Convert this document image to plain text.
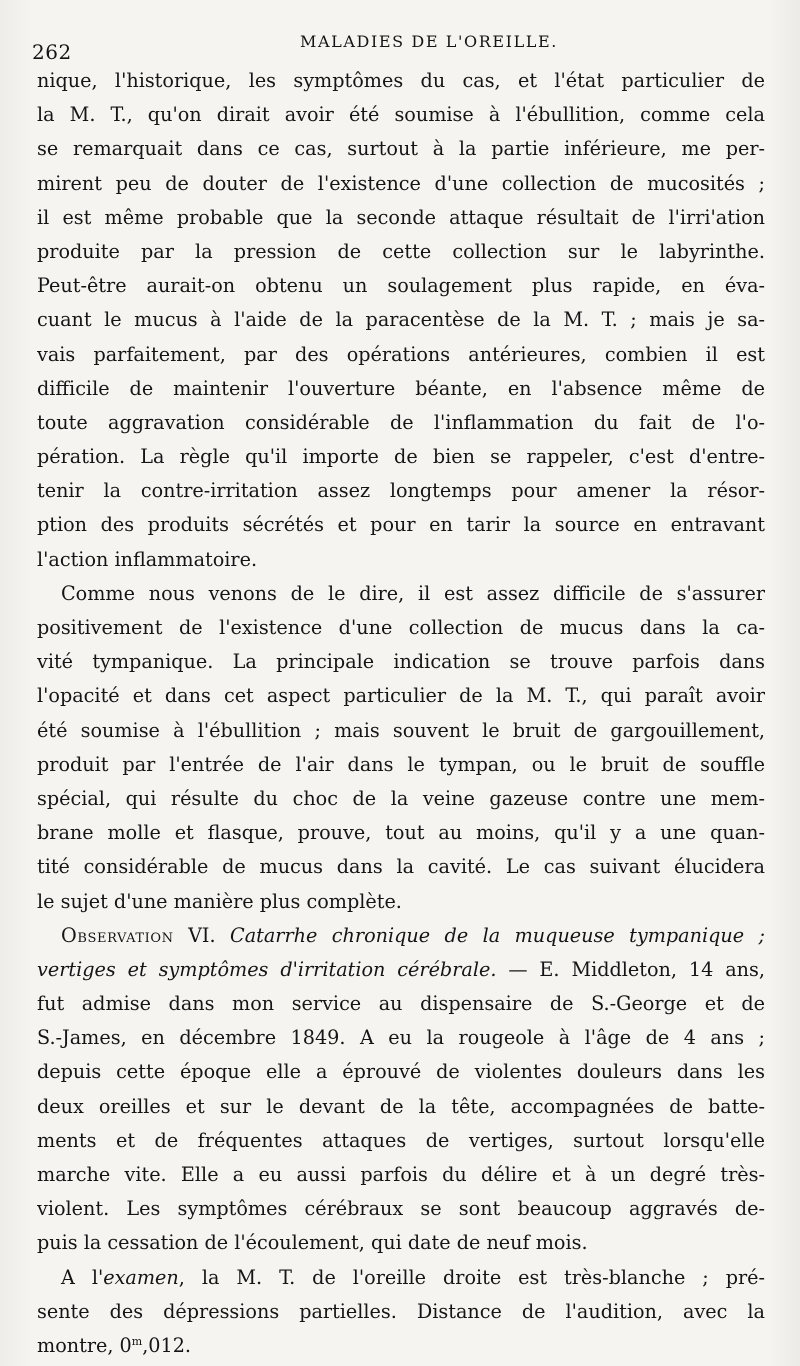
262	MALADIES DE L'OREILLE.
nique, l'historique, les symptômes du cas, et l'état particulier de
la M. T., qu'on dirait avoir été soumise à l'ébullition, comme cela
se remarquait dans ce cas, surtout à la partie inférieure, me per-
mirent peu de douter de l'existence d'une collection de mucosités ;
il est même probable que la seconde attaque résultait de l'irri'ation
produite par la pression de cette collection sur le labyrinthe.
Peut-être aurait-on obtenu un soulagement plus rapide, en éva-
cuant le mucus à l'aide de la paracentèse de la M. T. ; mais je sa-
vais parfaitement, par des opérations antérieures, combien il est
difficile de maintenir l'ouverture béante, en l'absence même de
toute aggravation considérable de l'inflammation du fait de l'o-
pération. La règle qu'il importe de bien se rappeler, c'est d'entre-
tenir la contre-irritation assez longtemps pour amener la résor-
ption des produits sécrétés et pour en tarir la source en entravant
l'action inflammatoire.
Comme nous venons de le dire, il est assez difficile de s'assurer
positivement de l'existence d'une collection de mucus dans la ca-
vité tympanique. La principale indication se trouve parfois dans
l'opacité et dans cet aspect particulier de la M. T., qui paraît avoir
été soumise à l'ébullition ; mais souvent le bruit de gargouillement,
produit par l'entrée de l'air dans le tympan, ou le bruit de souffle
spécial, qui résulte du choc de la veine gazeuse contre une mem-
brane molle et flasque, prouve, tout au moins, qu'il y a une quan-
tité considérable de mucus dans la cavité. Le cas suivant élucidera
le sujet d'une manière plus complète.
Observation VI. Catarrhe chronique de la muqueuse tympanique ;
vertiges et symptômes d'irritation cérébrale. — E. Middleton, 14 ans,
fut admise dans mon service au dispensaire de S.-George et de
S.-James, en décembre 1849. A eu la rougeole à l'âge de 4 ans ;
depuis cette époque elle a éprouvé de violentes douleurs dans les
deux oreilles et sur le devant de la tête, accompagnées de batte-
ments et de fréquentes attaques de vertiges, surtout lorsqu'elle
marche vite. Elle a eu aussi parfois du délire et à un degré très-
violent. Les symptômes cérébraux se sont beaucoup aggravés de-
puis la cessation de l'écoulement, qui date de neuf mois.
A l'examen, la M. T. de l'oreille droite est très-blanche ; pré-
sente des dépressions partielles. Distance de l'audition, avec la
montre, 0$^m$,012.
